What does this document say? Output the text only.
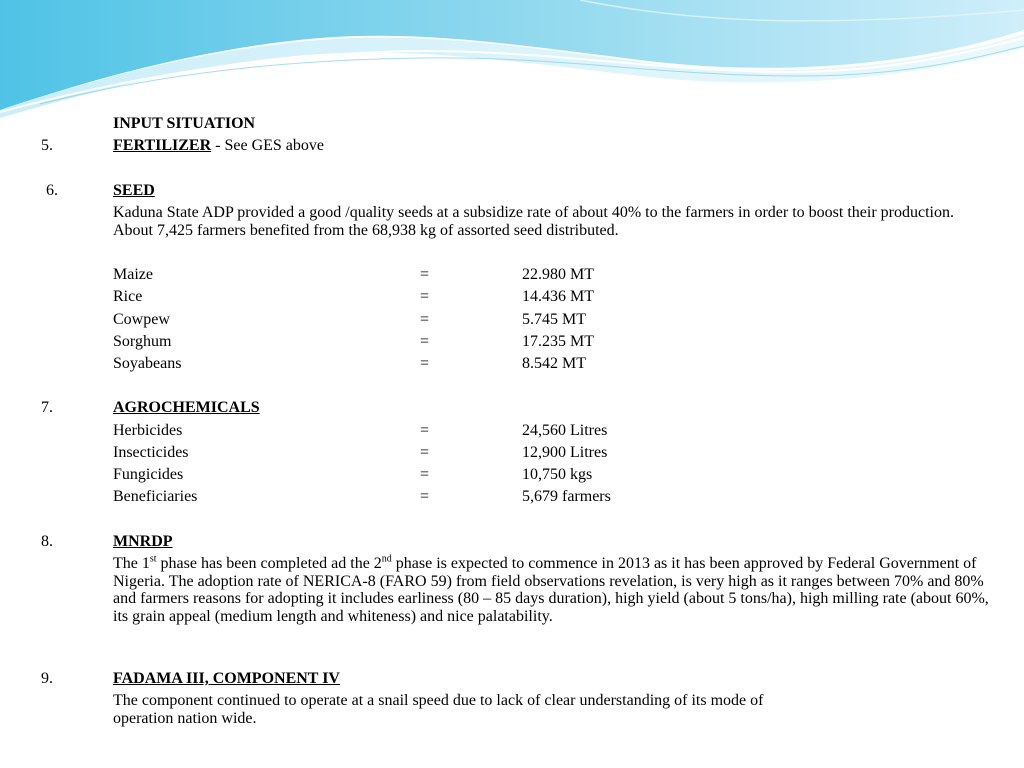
INPUT SITUATION
5.	FERTILIZER - See GES above
6.	SEED
Kaduna State ADP provided a good /quality seeds at a subsidize rate of about 40% to the farmers in order to boost their production. About 7,425 farmers benefited from the 68,938 kg of assorted seed distributed.
Maize	=	22.980 MT
Rice	=	14.436 MT
Cowpew	=	5.745 MT
Sorghum	=	17.235 MT
Soyabeans	=	8.542 MT
7.	AGROCHEMICALS
Herbicides	=	24,560 Litres
Insecticides	=	12,900 Litres
Fungicides	=	10,750 kgs
Beneficiaries	=	5,679 farmers
8.	MNRDP
The 1st phase has been completed ad the 2nd phase is expected to commence in 2013 as it has been approved by Federal Government of Nigeria. The adoption rate of NERICA-8 (FARO 59) from field observations revelation, is very high as it ranges between 70% and 80% and farmers reasons for adopting it includes earliness (80 – 85 days duration), high yield (about 5 tons/ha), high milling rate (about 60%, its grain appeal (medium length and whiteness) and nice palatability.
9.	FADAMA III, COMPONENT IV
The component continued to operate at a snail speed due to lack of clear understanding of its mode of
operation nation wide.
